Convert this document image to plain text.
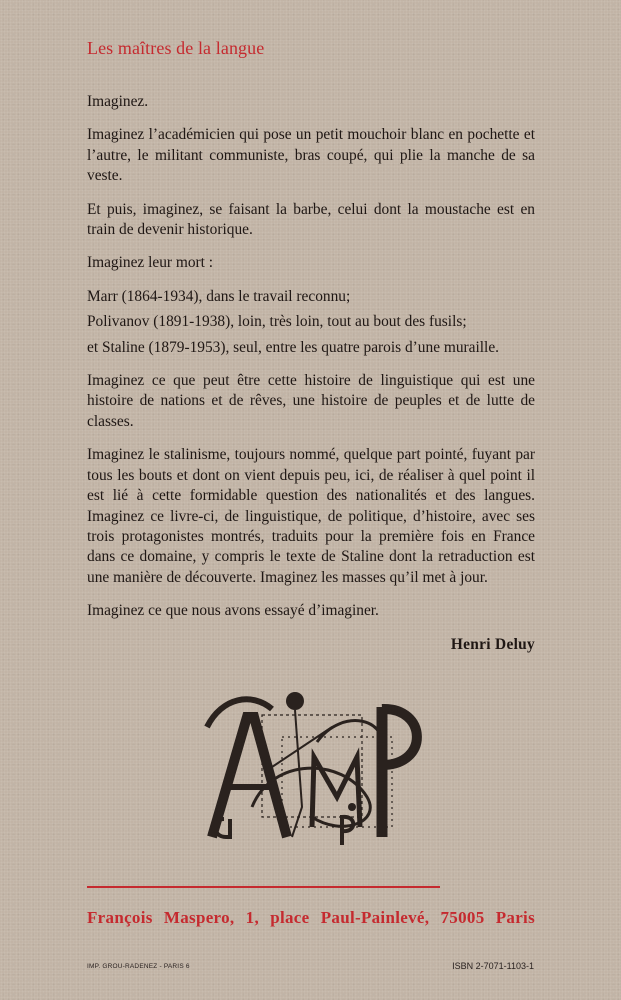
Les maîtres de la langue

Imaginez.

Imaginez l’académicien qui pose un petit mouchoir blanc en pochette et l’autre, le militant communiste, bras coupé, qui plie la manche de sa veste.

Et puis, imaginez, se faisant la barbe, celui dont la moustache est en train de devenir historique.

Imaginez leur mort :

Marr (1864-1934), dans le travail reconnu;

Polivanov (1891-1938), loin, très loin, tout au bout des fusils;

et Staline (1879-1953), seul, entre les quatre parois d’une muraille.

Imaginez ce que peut être cette histoire de linguistique qui est une histoire de nations et de rêves, une histoire de peuples et de lutte de classes.

Imaginez le stalinisme, toujours nommé, quelque part pointé, fuyant par tous les bouts et dont on vient depuis peu, ici, de réaliser à quel point il est lié à cette formidable question des nationalités et des langues. Imaginez ce livre-ci, de linguistique, de politique, d’histoire, avec ses trois protagonistes montrés, traduits pour la première fois en France dans ce domaine, y compris le texte de Staline dont la retraduction est une manière de découverte. Imaginez les masses qu’il met à jour.

Imaginez ce que nous avons essayé d’imaginer.

Henri Deluy

François Maspero, 1, place Paul-Painlevé, 75005 Paris
IMP. GROU-RADENEZ - PARIS 6	ISBN 2-7071-1103-1
